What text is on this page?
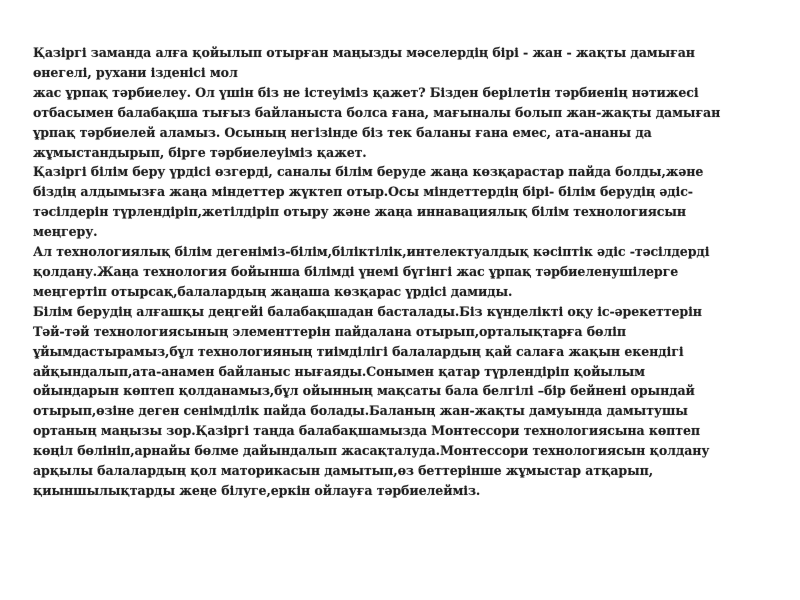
Қазіргі заманда алға қойылып отырған маңызды мәселердің бірі - жан - жақты дамыған
өнегелі, рухани ізденісі мол
жас ұрпақ тәрбиелеу. Ол үшін біз не істеуіміз қажет? Бізден берілетін тәрбиенің нәтижесі
отбасымен балабақша тығыз байланыста болса ғана, мағыналы болып жан-жақты дамыған
ұрпақ тәрбиелей аламыз. Осының негізінде біз тек баланы ғана емес, ата-ананы да
жұмыстандырып, бірге тәрбиелеуіміз қажет.
Қазіргі білім беру үрдісі өзгерді, саналы білім беруде жаңа көзқарастар пайда болды,және
біздің алдымызға жаңа міндеттер жүктеп отыр.Осы міндеттердің бірі- білім берудің әдіс-
тәсілдерін түрлендіріп,жетілдіріп отыру және жаңа иннавациялық білім технологиясын
меңгеру.
Ал технологиялық білім дегеніміз-білім,біліктілік,интелектуалдық кәсіптік әдіс -тәсілдерді
қолдану.Жаңа технология бойынша білімді үнемі бүгінгі жас ұрпақ тәрбиеленушілерге
меңгертіп отырсақ,балалардың жаңаша көзқарас үрдісі дамиды.
Білім берудің алғашқы деңгейі балабақшадан басталады.Біз күнделікті оқу іс-әрекеттерін
Тәй-тәй технологиясының элементтерін пайдалана отырып,орталықтарға бөліп
ұйымдастырамыз,бұл технологияның тиімділігі балалардың қай салаға жақын екендігі
айқындалып,ата-анамен байланыс нығаяды.Сонымен қатар түрлендіріп қойылым
ойындарын көптеп қолданамыз,бұл ойынның мақсаты бала белгілі –бір бейнені орындай
отырып,өзіне деген сенімділік пайда болады.Баланың жан-жақты дамуында дамытушы
ортаның маңызы зор.Қазіргі таңда балабақшамызда Монтессори технологиясына көптеп
көңіл бөлініп,арнайы бөлме дайындалып жасақталуда.Монтессори технологиясын қолдану
арқылы балалардың қол маторикасын дамытып,өз беттерінше жұмыстар атқарып,
қиыншылықтарды жеңе білуге,еркін ойлауға тәрбиелейміз.
